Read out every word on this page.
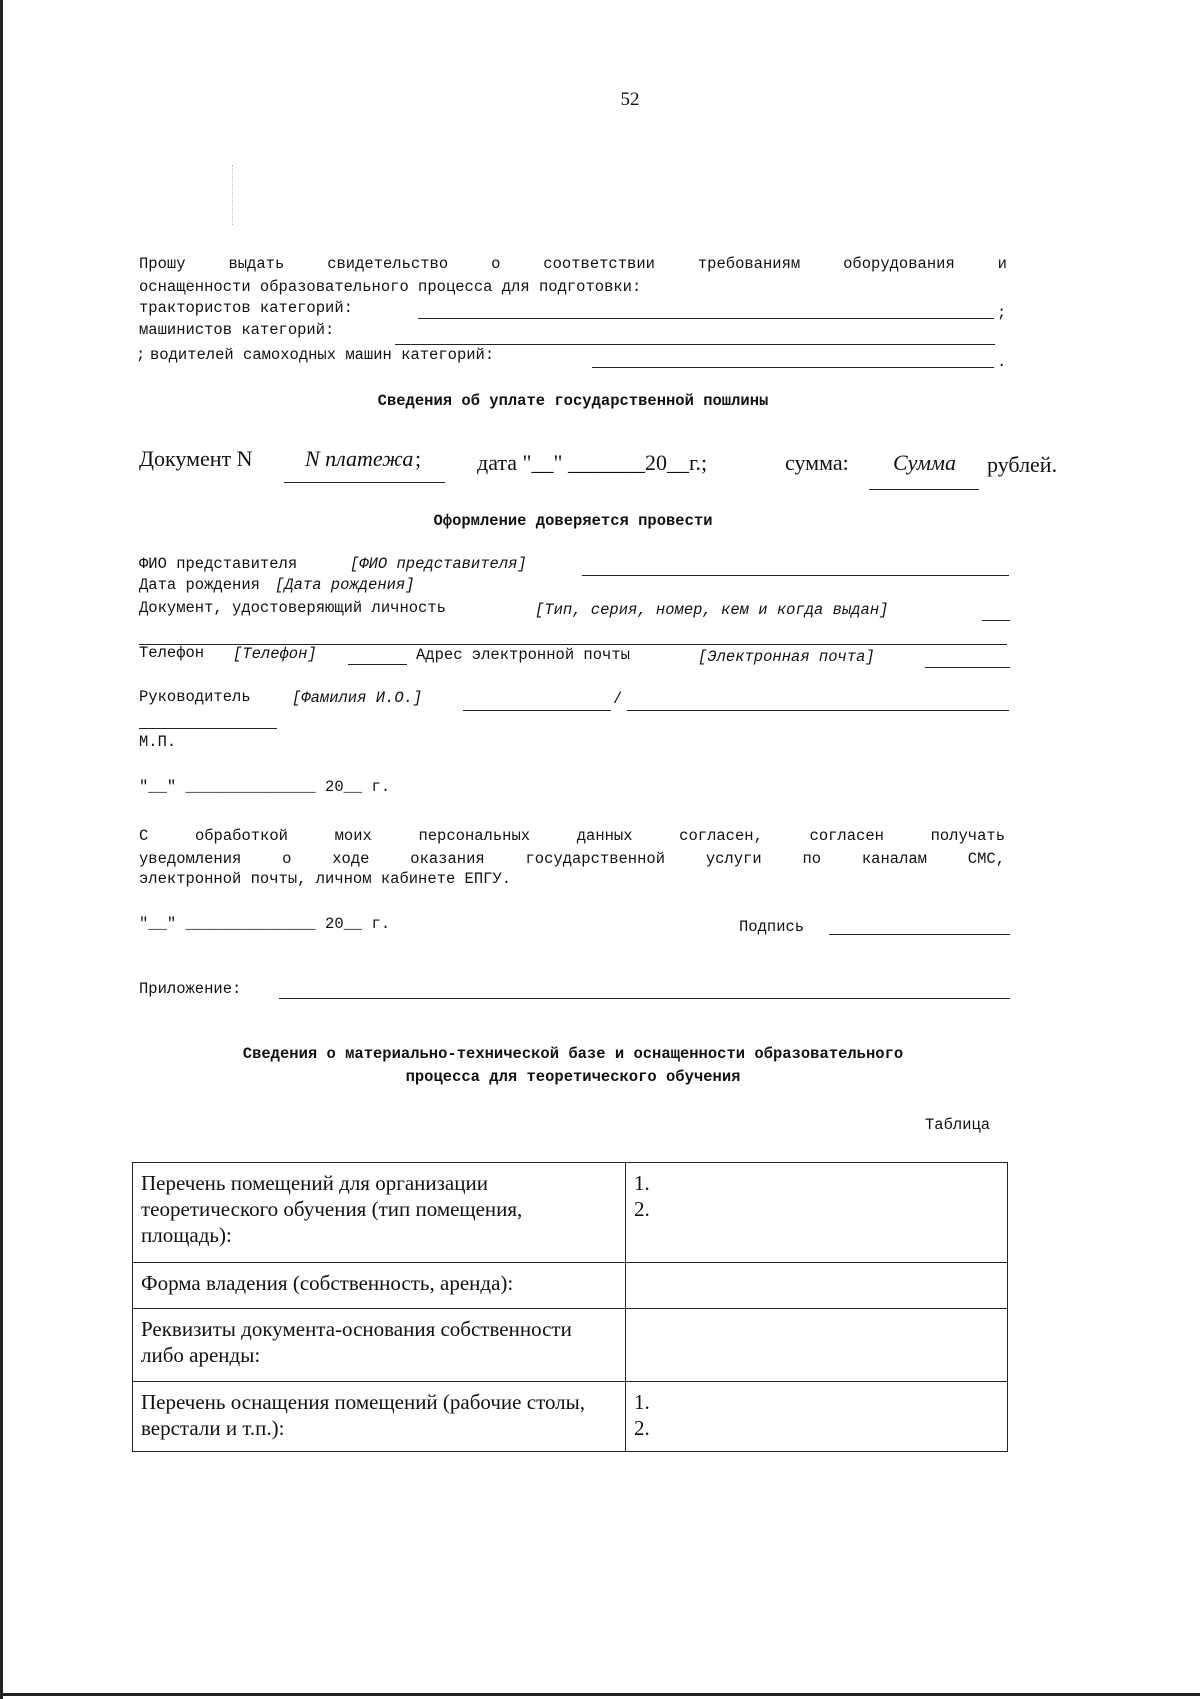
52
Прошу выдать свидетельство о соответствии требованиям оборудования и
оснащенности образовательного процесса для подготовки:
трактористов категорий:	;
машинистов категорий:
; водителей самоходных машин категорий:	.
Сведения об уплате государственной пошлины
Документ N N платежа ;	дата "__" _______20__г.;	сумма: Сумма рублей.
Оформление доверяется провести
ФИО представителя	[ФИО представителя]
Дата рождения [Дата рождения]
Документ, удостоверяющий личность	[Тип, серия, номер, кем и когда выдан]
Телефон [Телефон]	Адрес электронной почты	[Электронная почта]
Руководитель	[Фамилия И.О.]	/
М.П.
"__" ______________ 20__ г.
С обработкой моих персональных данных согласен, согласен получать
уведомления о ходе оказания государственной услуги по каналам СМС,
электронной почты, личном кабинете ЕПГУ.
"__" ______________ 20__ г.	Подпись
Приложение:
Сведения о материально-технической базе и оснащенности образовательного
процесса для теоретического обучения
Таблица
Перечень помещений для организации теоретического обучения (тип помещения, площадь):	1.
2.

Форма владения (собственность, аренда):	
Реквизиты документа-основания собственности либо аренды:	
Перечень оснащения помещений (рабочие столы, верстали и т.п.):	1.
2.
